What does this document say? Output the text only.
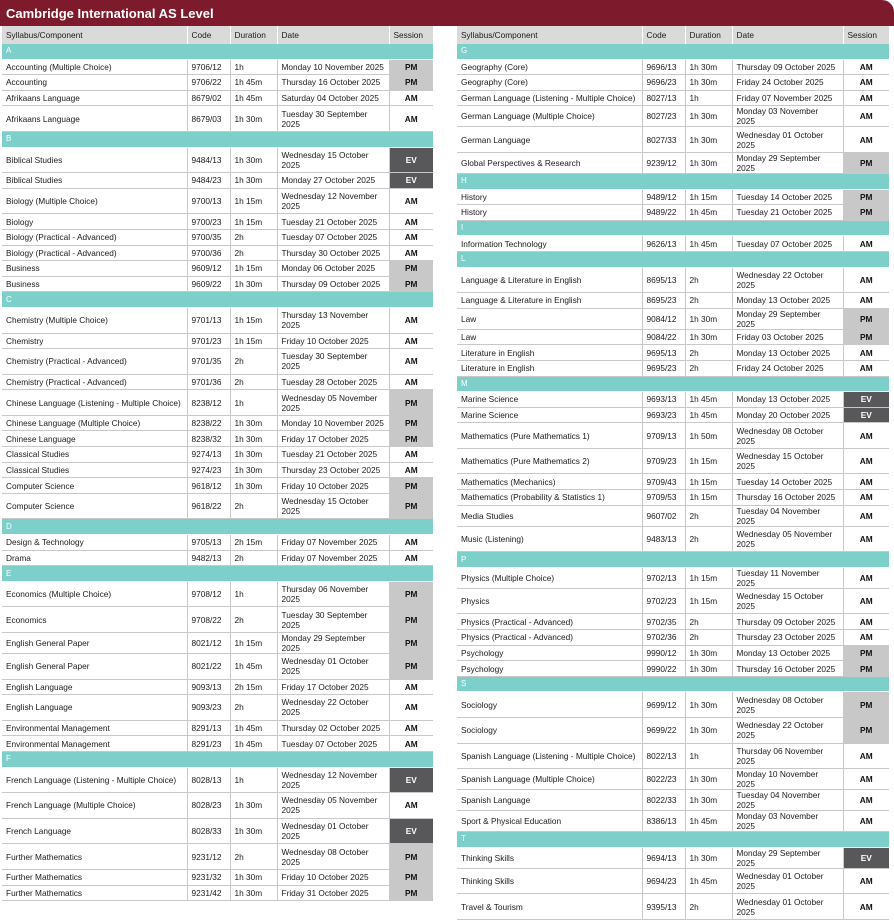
Cambridge International AS Level
Syllabus/Component	Code	Duration	Date	Session
A				
Accounting (Multiple Choice)	9706/12	1h	Monday 10 November 2025	PM
Accounting	9706/22	1h 45m	Thursday 16 October 2025	PM
Afrikaans Language	8679/02	1h 45m	Saturday 04 October 2025	AM
Afrikaans Language	8679/03	1h 30m	Tuesday 30 September 2025	AM
B				
Biblical Studies	9484/13	1h 30m	Wednesday 15 October 2025	EV
Biblical Studies	9484/23	1h 30m	Monday 27 October 2025	EV
Biology (Multiple Choice)	9700/13	1h 15m	Wednesday 12 November 2025	AM
Biology	9700/23	1h 15m	Tuesday 21 October 2025	AM
Biology (Practical - Advanced)	9700/35	2h	Tuesday 07 October 2025	AM
Biology (Practical - Advanced)	9700/36	2h	Thursday 30 October 2025	AM
Business	9609/12	1h 15m	Monday 06 October 2025	PM
Business	9609/22	1h 30m	Thursday 09 October 2025	PM
C				
Chemistry (Multiple Choice)	9701/13	1h 15m	Thursday 13 November 2025	AM
Chemistry	9701/23	1h 15m	Friday 10 October 2025	AM
Chemistry (Practical - Advanced)	9701/35	2h	Tuesday 30 September 2025	AM
Chemistry (Practical - Advanced)	9701/36	2h	Tuesday 28 October 2025	AM
Chinese Language (Listening - Multiple Choice)	8238/12	1h	Wednesday 05 November 2025	PM
Chinese Language (Multiple Choice)	8238/22	1h 30m	Monday 10 November 2025	PM
Chinese Language	8238/32	1h 30m	Friday 17 October 2025	PM
Classical Studies	9274/13	1h 30m	Tuesday 21 October 2025	AM
Classical Studies	9274/23	1h 30m	Thursday 23 October 2025	AM
Computer Science	9618/12	1h 30m	Friday 10 October 2025	PM
Computer Science	9618/22	2h	Wednesday 15 October 2025	PM
D				
Design & Technology	9705/13	2h 15m	Friday 07 November 2025	AM
Drama	9482/13	2h	Friday 07 November 2025	AM
E				
Economics (Multiple Choice)	9708/12	1h	Thursday 06 November 2025	PM
Economics	9708/22	2h	Tuesday 30 September 2025	PM
English General Paper	8021/12	1h 15m	Monday 29 September 2025	PM
English General Paper	8021/22	1h 45m	Wednesday 01 October 2025	PM
English Language	9093/13	2h 15m	Friday 17 October 2025	AM
English Language	9093/23	2h	Wednesday 22 October 2025	AM
Environmental Management	8291/13	1h 45m	Thursday 02 October 2025	AM
Environmental Management	8291/23	1h 45m	Tuesday 07 October 2025	AM
F				
French Language (Listening - Multiple Choice)	8028/13	1h	Wednesday 12 November 2025	EV
French Language (Multiple Choice)	8028/23	1h 30m	Wednesday 05 November 2025	AM
French Language	8028/33	1h 30m	Wednesday 01 October 2025	EV
Further Mathematics	9231/12	2h	Wednesday 08 October 2025	PM
Further Mathematics	9231/32	1h 30m	Friday 10 October 2025	PM
Further Mathematics	9231/42	1h 30m	Friday 31 October 2025	PM
Syllabus/Component	Code	Duration	Date	Session
G				
Geography (Core)	9696/13	1h 30m	Thursday 09 October 2025	AM
Geography (Core)	9696/23	1h 30m	Friday 24 October 2025	AM
German Language (Listening - Multiple Choice)	8027/13	1h	Friday 07 November 2025	AM
German Language (Multiple Choice)	8027/23	1h 30m	Monday 03 November 2025	AM
German Language	8027/33	1h 30m	Wednesday 01 October 2025	AM
Global Perspectives & Research	9239/12	1h 30m	Monday 29 September 2025	PM
H				
History	9489/12	1h 15m	Tuesday 14 October 2025	PM
History	9489/22	1h 45m	Tuesday 21 October 2025	PM
I				
Information Technology	9626/13	1h 45m	Tuesday 07 October 2025	AM
L				
Language & Literature in English	8695/13	2h	Wednesday 22 October 2025	AM
Language & Literature in English	8695/23	2h	Monday 13 October 2025	AM
Law	9084/12	1h 30m	Monday 29 September 2025	PM
Law	9084/22	1h 30m	Friday 03 October 2025	PM
Literature in English	9695/13	2h	Monday 13 October 2025	AM
Literature in English	9695/23	2h	Friday 24 October 2025	AM
M				
Marine Science	9693/13	1h 45m	Monday 13 October 2025	EV
Marine Science	9693/23	1h 45m	Monday 20 October 2025	EV
Mathematics (Pure Mathematics 1)	9709/13	1h 50m	Wednesday 08 October 2025	AM
Mathematics (Pure Mathematics 2)	9709/23	1h 15m	Wednesday 15 October 2025	AM
Mathematics (Mechanics)	9709/43	1h 15m	Tuesday 14 October 2025	AM
Mathematics (Probability & Statistics 1)	9709/53	1h 15m	Thursday 16 October 2025	AM
Media Studies	9607/02	2h	Tuesday 04 November 2025	AM
Music (Listening)	9483/13	2h	Wednesday 05 November 2025	AM
P				
Physics (Multiple Choice)	9702/13	1h 15m	Tuesday 11 November 2025	AM
Physics	9702/23	1h 15m	Wednesday 15 October 2025	AM
Physics (Practical - Advanced)	9702/35	2h	Thursday 09 October 2025	AM
Physics (Practical - Advanced)	9702/36	2h	Thursday 23 October 2025	AM
Psychology	9990/12	1h 30m	Monday 13 October 2025	PM
Psychology	9990/22	1h 30m	Thursday 16 October 2025	PM
S				
Sociology	9699/12	1h 30m	Wednesday 08 October 2025	PM
Sociology	9699/22	1h 30m	Wednesday 22 October 2025	PM
Spanish Language (Listening - Multiple Choice)	8022/13	1h	Thursday 06 November 2025	AM
Spanish Language (Multiple Choice)	8022/23	1h 30m	Monday 10 November 2025	AM
Spanish Language	8022/33	1h 30m	Tuesday 04 November 2025	AM
Sport & Physical Education	8386/13	1h 45m	Monday 03 November 2025	AM
T				
Thinking Skills	9694/13	1h 30m	Monday 29 September 2025	EV
Thinking Skills	9694/23	1h 45m	Wednesday 01 October 2025	AM
Travel & Tourism	9395/13	2h	Wednesday 01 October 2025	AM
